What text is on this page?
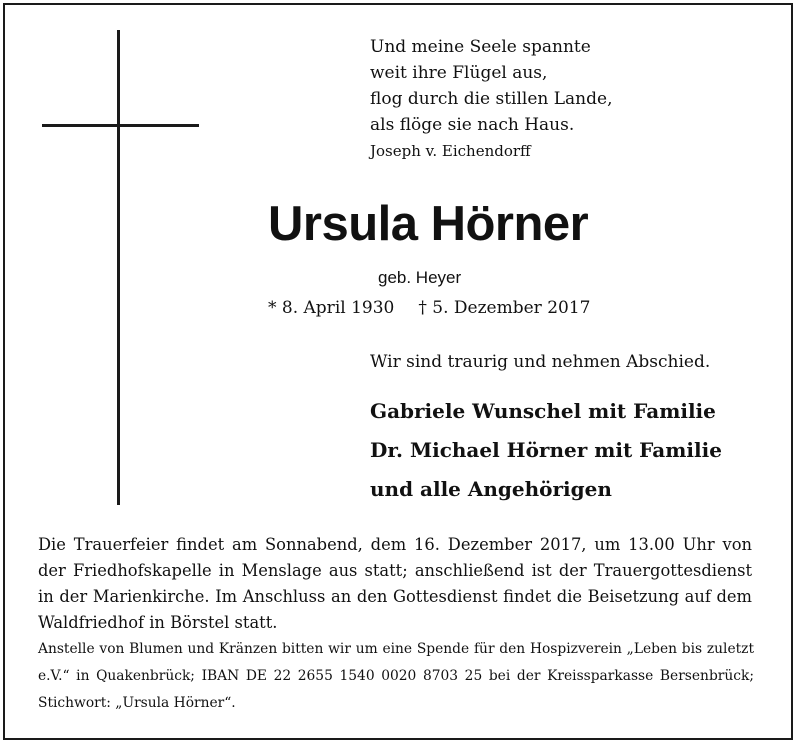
Und meine Seele spannte
weit ihre Flügel aus,
flog durch die stillen Lande,
als flöge sie nach Haus.
Joseph v. Eichendorff
Ursula Hörner
geb. Heyer
* 8. April 1930 † 5. Dezember 2017
Wir sind traurig und nehmen Abschied.
Gabriele Wunschel mit Familie
Dr. Michael Hörner mit Familie
und alle Angehörigen
Die Trauerfeier findet am Sonnabend, dem 16. Dezember 2017, um 13.00 Uhr von der Friedhofskapelle in Menslage aus statt; anschließend ist der Trauergottesdienst in der Marienkirche. Im Anschluss an den Gottesdienst findet die Beisetzung auf dem Waldfriedhof in Börstel statt.
Anstelle von Blumen und Kränzen bitten wir um eine Spende für den Hospizverein „Leben bis zuletzt e.V.“ in Quakenbrück; IBAN DE 22 2655 1540 0020 8703 25 bei der Kreissparkasse Bersenbrück; Stichwort: „Ursula Hörner“.
